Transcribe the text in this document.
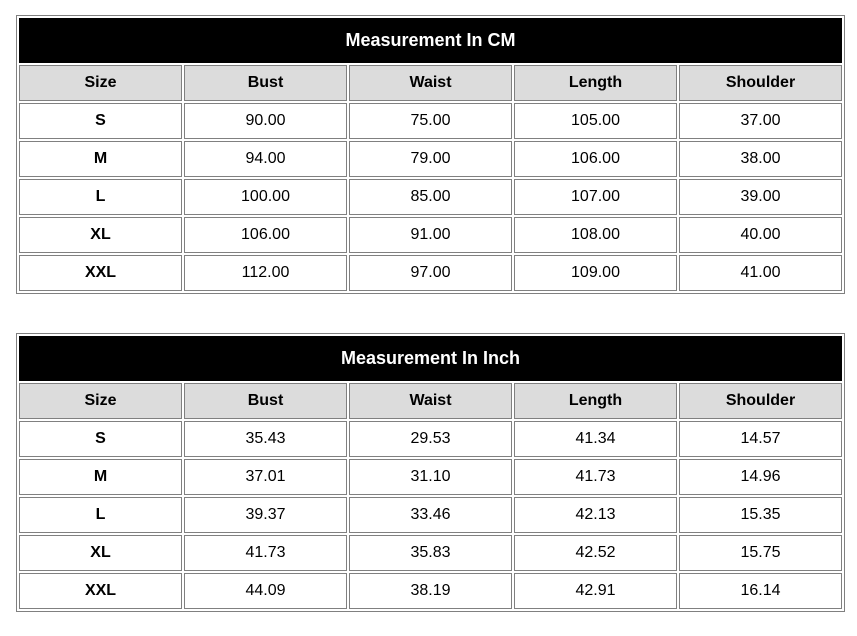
Measurement In CM				
Size	Bust	Waist	Length	Shoulder
S	90.00	75.00	105.00	37.00
M	94.00	79.00	106.00	38.00
L	100.00	85.00	107.00	39.00
XL	106.00	91.00	108.00	40.00
XXL	112.00	97.00	109.00	41.00
Measurement In Inch				
Size	Bust	Waist	Length	Shoulder
S	35.43	29.53	41.34	14.57
M	37.01	31.10	41.73	14.96
L	39.37	33.46	42.13	15.35
XL	41.73	35.83	42.52	15.75
XXL	44.09	38.19	42.91	16.14
